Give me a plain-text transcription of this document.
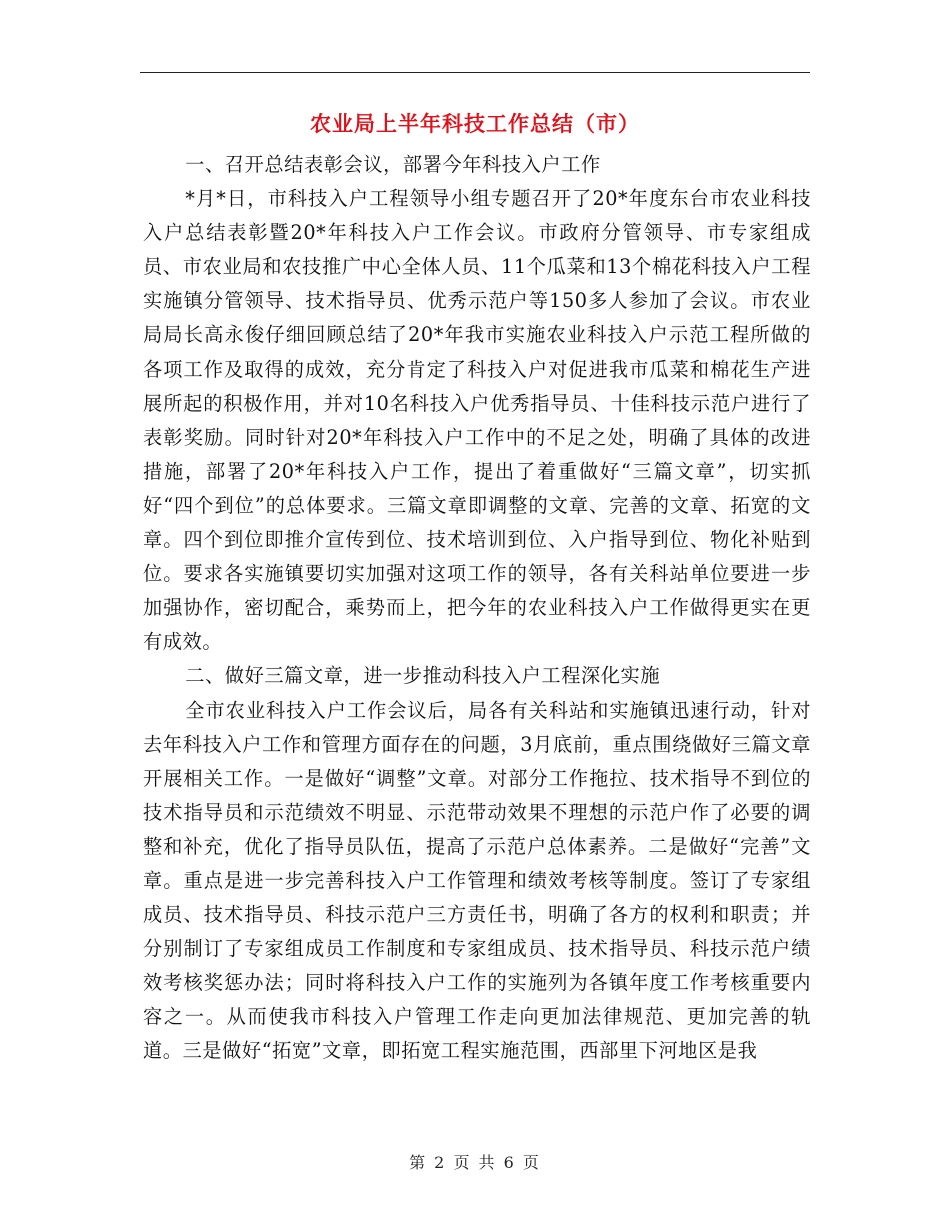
农业局上半年科技工作总结（市）

一、召开总结表彰会议，部署今年科技入户工作

*月*日，市科技入户工程领导小组专题召开了20*年度东台市农业科技入户总结表彰暨20*年科技入户工作会议。市政府分管领导、市专家组成员、市农业局和农技推广中心全体人员、11个瓜菜和13个棉花科技入户工程实施镇分管领导、技术指导员、优秀示范户等150多人参加了会议。市农业局局长高永俊仔细回顾总结了20*年我市实施农业科技入户示范工程所做的各项工作及取得的成效，充分肯定了科技入户对促进我市瓜菜和棉花生产进展所起的积极作用，并对10名科技入户优秀指导员、十佳科技示范户进行了表彰奖励。同时针对20*年科技入户工作中的不足之处，明确了具体的改进措施，部署了20*年科技入户工作，提出了着重做好“三篇文章”，切实抓好“四个到位”的总体要求。三篇文章即调整的文章、完善的文章、拓宽的文章。四个到位即推介宣传到位、技术培训到位、入户指导到位、物化补贴到位。要求各实施镇要切实加强对这项工作的领导，各有关科站单位要进一步加强协作，密切配合，乘势而上，把今年的农业科技入户工作做得更实在更有成效。

二、做好三篇文章，进一步推动科技入户工程深化实施

全市农业科技入户工作会议后，局各有关科站和实施镇迅速行动，针对去年科技入户工作和管理方面存在的问题，3月底前，重点围绕做好三篇文章开展相关工作。一是做好“调整”文章。对部分工作拖拉、技术指导不到位的技术指导员和示范绩效不明显、示范带动效果不理想的示范户作了必要的调整和补充，优化了指导员队伍，提高了示范户总体素养。二是做好“完善”文章。重点是进一步完善科技入户工作管理和绩效考核等制度。签订了专家组成员、技术指导员、科技示范户三方责任书，明确了各方的权利和职责；并分别制订了专家组成员工作制度和专家组成员、技术指导员、科技示范户绩效考核奖惩办法；同时将科技入户工作的实施列为各镇年度工作考核重要内容之一。从而使我市科技入户管理工作走向更加法律规范、更加完善的轨道。三是做好“拓宽”文章，即拓宽工程实施范围，西部里下河地区是我

第 2 页 共 6 页
